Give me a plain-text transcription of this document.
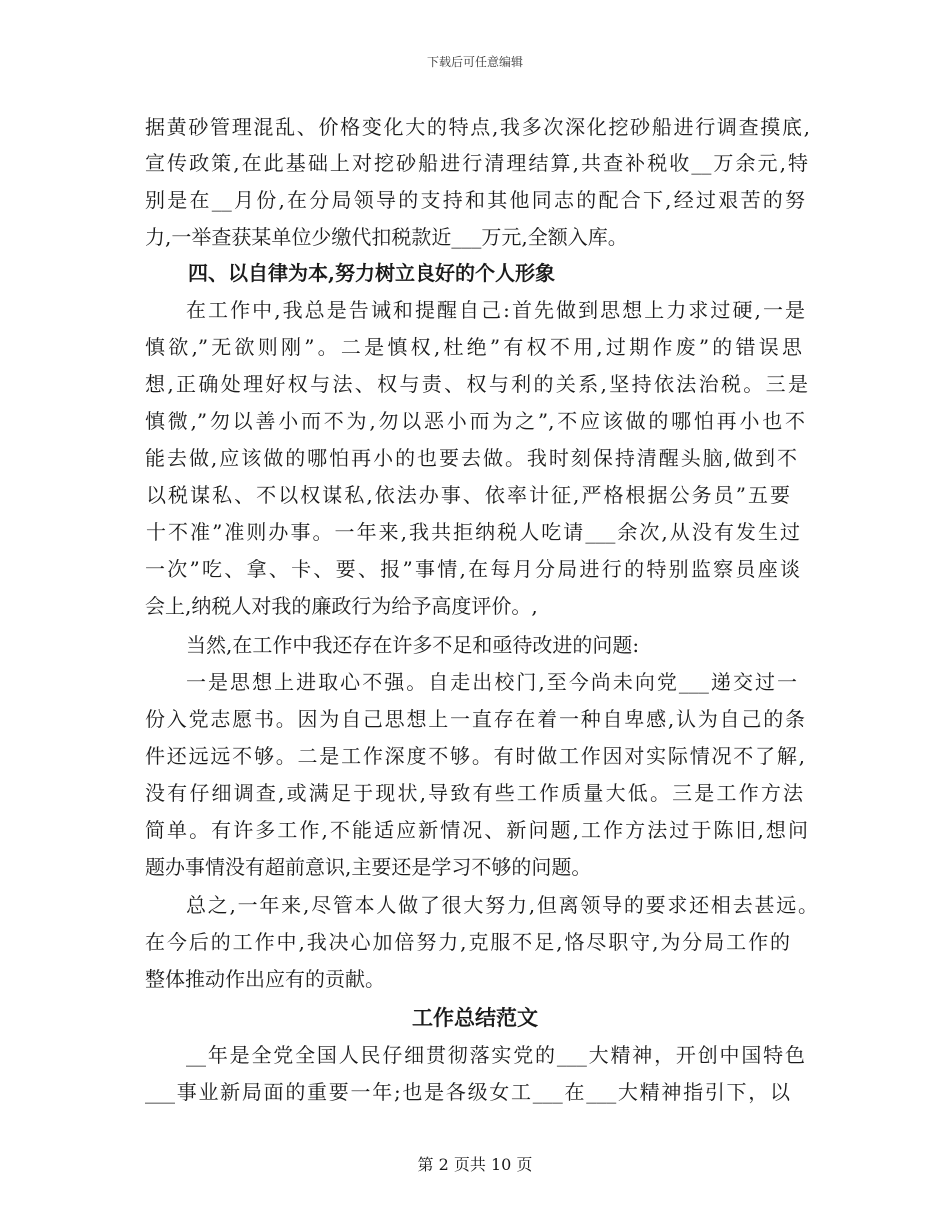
下载后可任意编辑
据黄砂管理混乱、价格变化大的特点,我多次深化挖砂船进行调查摸底,
宣传政策,在此基础上对挖砂船进行清理结算,共查补税收__万余元,特
别是在__月份,在分局领导的支持和其他同志的配合下,经过艰苦的努
力,一举查获某单位少缴代扣税款近___万元,全额入库。
四、以自律为本,努力树立良好的个人形象
在工作中,我总是告诫和提醒自己:首先做到思想上力求过硬,一是
慎欲,”无欲则刚”。二是慎权,杜绝”有权不用,过期作废”的错误思
想,正确处理好权与法、权与责、权与利的关系,坚持依法治税。三是
慎微,”勿以善小而不为,勿以恶小而为之”,不应该做的哪怕再小也不
能去做,应该做的哪怕再小的也要去做。我时刻保持清醒头脑,做到不
以税谋私、不以权谋私,依法办事、依率计征,严格根据公务员”五要
十不准”准则办事。一年来,我共拒纳税人吃请___余次,从没有发生过
一次”吃、拿、卡、要、报”事情,在每月分局进行的特别监察员座谈
会上,纳税人对我的廉政行为给予高度评价。,
当然,在工作中我还存在许多不足和亟待改进的问题:
一是思想上进取心不强。自走出校门,至今尚未向党___递交过一
份入党志愿书。因为自己思想上一直存在着一种自卑感,认为自己的条
件还远远不够。二是工作深度不够。有时做工作因对实际情况不了解,
没有仔细调查,或满足于现状,导致有些工作质量大低。三是工作方法
简单。有许多工作,不能适应新情况、新问题,工作方法过于陈旧,想问
题办事情没有超前意识,主要还是学习不够的问题。
总之,一年来,尽管本人做了很大努力,但离领导的要求还相去甚远。
在今后的工作中,我决心加倍努力,克服不足,恪尽职守,为分局工作的
整体推动作出应有的贡献。
工作总结范文
__年是全党全国人民仔细贯彻落实党的___大精神，开创中国特色
___事业新局面的重要一年;也是各级女工___在___大精神指引下，以
第 2 页共 10 页
